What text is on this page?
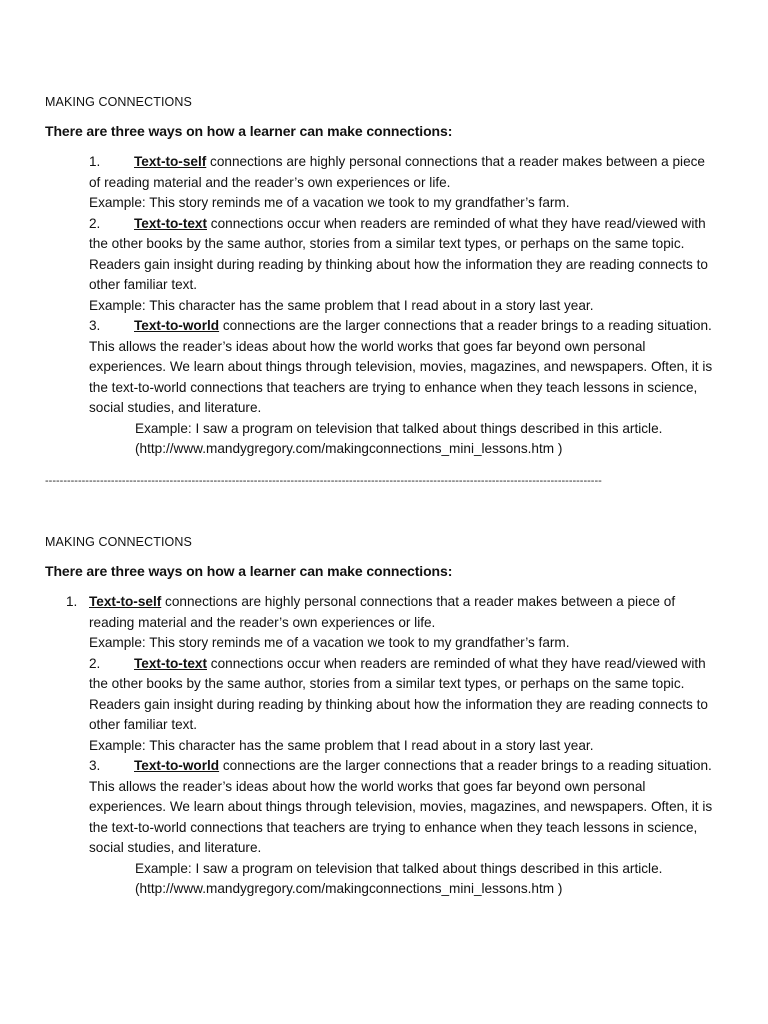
MAKING CONNECTIONS
There are three ways on how a learner can make connections:
1. Text-to-self connections are highly personal connections that a reader makes between a piece of reading material and the reader’s own experiences or life.
Example: This story reminds me of a vacation we took to my grandfather’s farm.
2. Text-to-text connections occur when readers are reminded of what they have read/viewed with the other books by the same author, stories from a similar text types, or perhaps on the same topic. Readers gain insight during reading by thinking about how the information they are reading connects to other familiar text.
Example: This character has the same problem that I read about in a story last year.
3. Text-to-world connections are the larger connections that a reader brings to a reading situation. This allows the reader’s ideas about how the world works that goes far beyond own personal experiences. We learn about things through television, movies, magazines, and newspapers. Often, it is the text-to-world connections that teachers are trying to enhance when they teach lessons in science, social studies, and literature.
Example: I saw a program on television that talked about things described in this article.
(http://www.mandygregory.com/makingconnections_mini_lessons.htm )
--------------------------------------------------------------------------------------------------------------------------------------------------------
MAKING CONNECTIONS
There are three ways on how a learner can make connections:
1. Text-to-self connections are highly personal connections that a reader makes between a piece of reading material and the reader’s own experiences or life.
Example: This story reminds me of a vacation we took to my grandfather’s farm.
2. Text-to-text connections occur when readers are reminded of what they have read/viewed with the other books by the same author, stories from a similar text types, or perhaps on the same topic. Readers gain insight during reading by thinking about how the information they are reading connects to other familiar text.
Example: This character has the same problem that I read about in a story last year.
3. Text-to-world connections are the larger connections that a reader brings to a reading situation. This allows the reader’s ideas about how the world works that goes far beyond own personal experiences. We learn about things through television, movies, magazines, and newspapers. Often, it is the text-to-world connections that teachers are trying to enhance when they teach lessons in science, social studies, and literature.
Example: I saw a program on television that talked about things described in this article.
(http://www.mandygregory.com/makingconnections_mini_lessons.htm )
